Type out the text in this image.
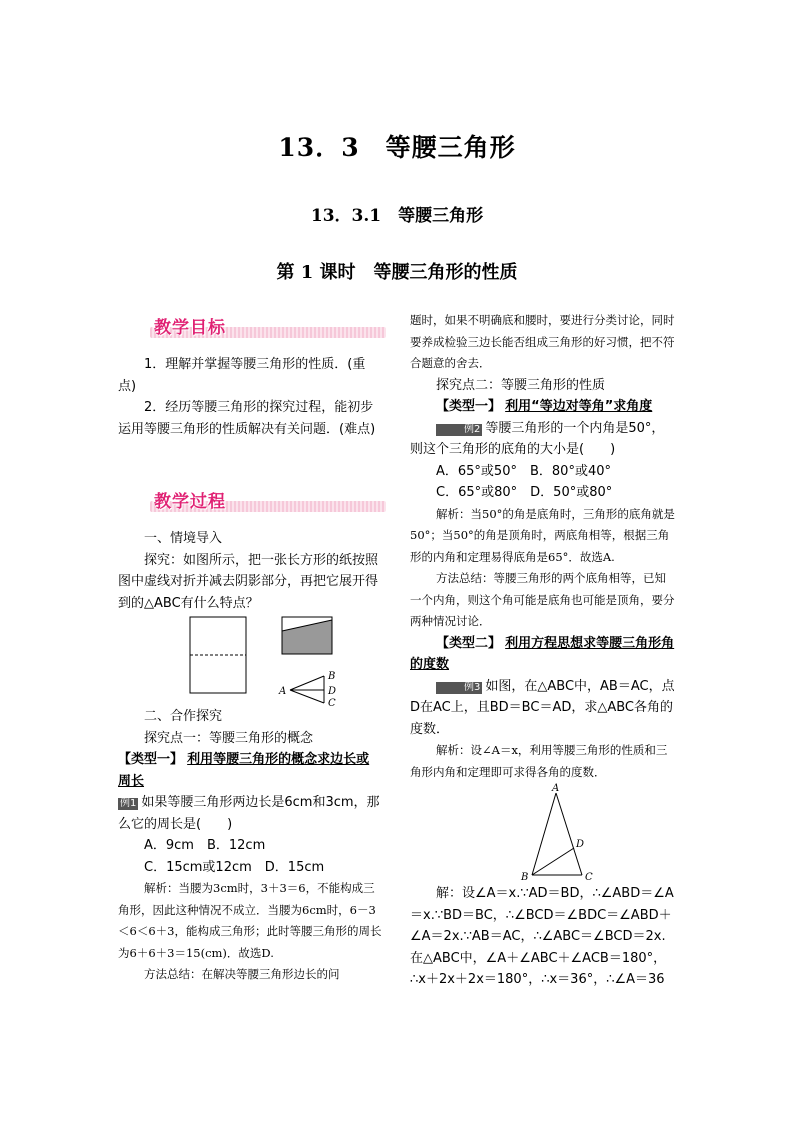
13．3　等腰三角形
13．3.1　等腰三角形
第 1 课时　等腰三角形的性质
教学目标

1．理解并掌握等腰三角形的性质．(重点)

2．经历等腰三角形的探究过程，能初步运用等腰三角形的性质解决有关问题．(难点)

教学过程

一、情境导入

探究：如图所示，把一张长方形的纸按照图中虚线对折并减去阴影部分，再把它展开得到的△ABC有什么特点？

B
D
C
A

二、合作探究

探究点一：等腰三角形的概念

【类型一】 利用等腰三角形的概念求边长或周长

例1 如果等腰三角形两边长是6cm和3cm，那么它的周长是(　　)

A．9cm　B．12cm

C．15cm或12cm　D．15cm

解析：当腰为3cm时，3＋3＝6，不能构成三角形，因此这种情况不成立．当腰为6cm时，6－3＜6＜6＋3，能构成三角形；此时等腰三角形的周长为6＋6＋3＝15(cm)．故选D.

方法总结：在解决等腰三角形边长的问

题时，如果不明确底和腰时，要进行分类讨论，同时要养成检验三边长能否组成三角形的好习惯，把不符合题意的舍去．

探究点二：等腰三角形的性质

【类型一】 利用“等边对等角”求角度

例2 等腰三角形的一个内角是50°，则这个三角形的底角的大小是(　　)

A．65°或50°　B．80°或40°

C．65°或80°　D．50°或80°

解析：当50°的角是底角时，三角形的底角就是50°；当50°的角是顶角时，两底角相等，根据三角形的内角和定理易得底角是65°．故选A.

方法总结：等腰三角形的两个底角相等，已知一个内角，则这个角可能是底角也可能是顶角，要分两种情况讨论．

【类型二】 利用方程思想求等腰三角形角的度数

例3 如图，在△ABC中，AB＝AC，点D在AC上，且BD＝BC＝AD，求△ABC各角的度数．

解析：设∠A＝x，利用等腰三角形的性质和三角形内角和定理即可求得各角的度数．

A
D
B	C

解：设∠A＝x.∵AD＝BD，∴∠ABD＝∠A＝x.∵BD＝BC，∴∠BCD＝∠BDC＝∠ABD＋∠A＝2x.∵AB＝AC，∴∠ABC＝∠BCD＝2x.在△ABC中，∠A＋∠ABC＋∠ACB＝180°，∴x＋2x＋2x＝180°，∴x＝36°，∴∠A＝36
